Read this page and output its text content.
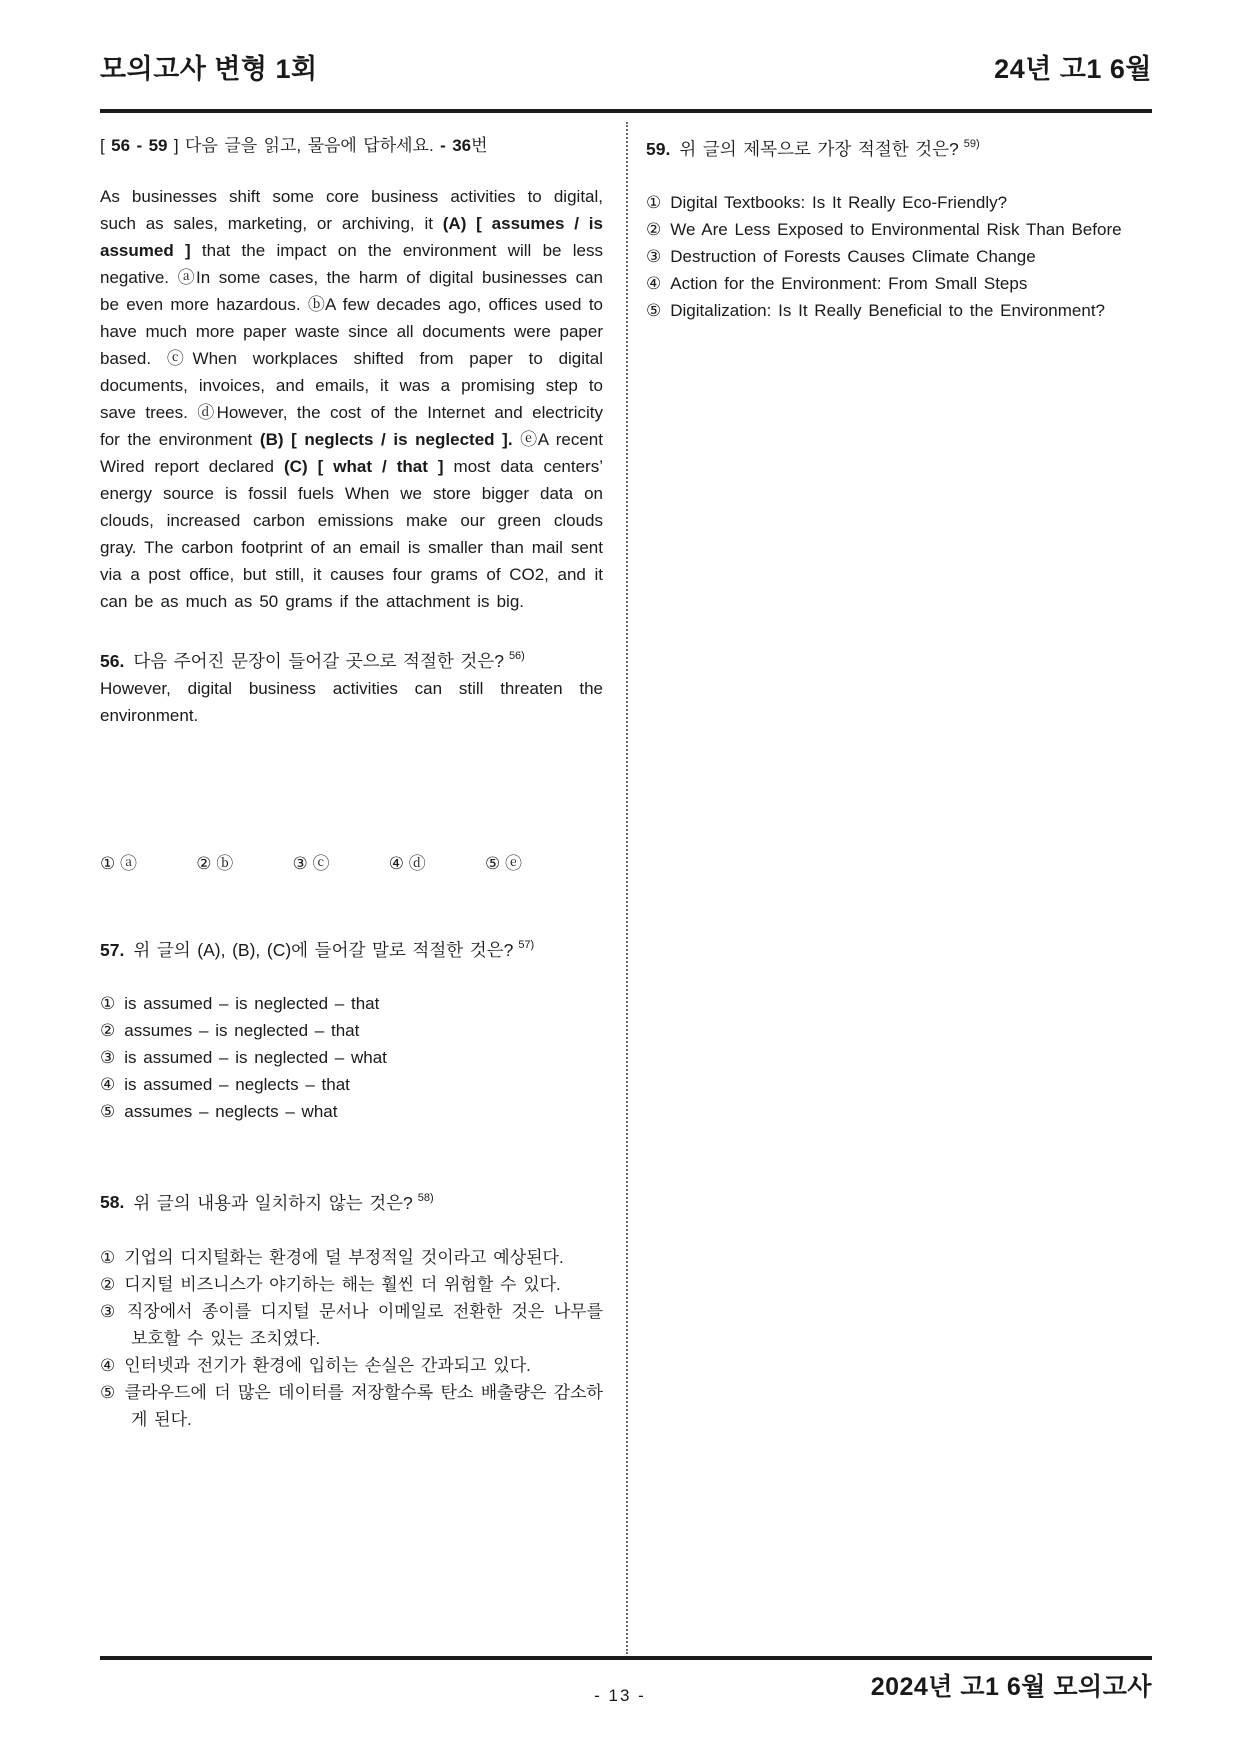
모의고사 변형 1회	24년 고1 6월

[ 56 - 59 ] 다음 글을 읽고, 물음에 답하세요. - 36번

As businesses shift some core business activities to digital, such as sales, marketing, or archiving, it (A) [ assumes / is assumed ] that the impact on the environment will be less negative. ⓐIn some cases, the harm of digital businesses can be even more hazardous. ⓑA few decades ago, offices used to have much more paper waste since all documents were paper based. ⓒWhen workplaces shifted from paper to digital documents, invoices, and emails, it was a promising step to save trees. ⓓHowever, the cost of the Internet and electricity for the environment (B) [ neglects / is neglected ]. ⓔA recent Wired report declared (C) [ what / that ] most data centers’ energy source is fossil fuels When we store bigger data on clouds, increased carbon emissions make our green clouds gray. The carbon footprint of an email is smaller than mail sent via a post office, but still, it causes four grams of CO2, and it can be as much as 50 grams if the attachment is big.

56. 다음 주어진 문장이 들어갈 곳으로 적절한 것은? $^{56)}$

However, digital business activities can still threaten the environment.

① ⓐ	② ⓑ	③ ⓒ	④ ⓓ	⑤ ⓔ

57. 위 글의 (A), (B), (C)에 들어갈 말로 적절한 것은? $^{57)}$

① is assumed – is neglected – that

② assumes – is neglected – that

③ is assumed – is neglected – what

④ is assumed – neglects – that

⑤ assumes – neglects – what

58. 위 글의 내용과 일치하지 않는 것은? $^{58)}$

① 기업의 디지털화는 환경에 덜 부정적일 것이라고 예상된다.

② 디지털 비즈니스가 야기하는 해는 훨씬 더 위험할 수 있다.

③ 직장에서 종이를 디지털 문서나 이메일로 전환한 것은 나무를 보호할 수 있는 조치였다.

④ 인터넷과 전기가 환경에 입히는 손실은 간과되고 있다.

⑤ 클라우드에 더 많은 데이터를 저장할수록 탄소 배출량은 감소하게 된다.

59. 위 글의 제목으로 가장 적절한 것은? $^{59)}$

① Digital Textbooks: Is It Really Eco-Friendly?

② We Are Less Exposed to Environmental Risk Than Before

③ Destruction of Forests Causes Climate Change

④ Action for the Environment: From Small Steps

⑤ Digitalization: Is It Really Beneficial to the Environment?

- 13 -	2024년 고1 6월 모의고사
